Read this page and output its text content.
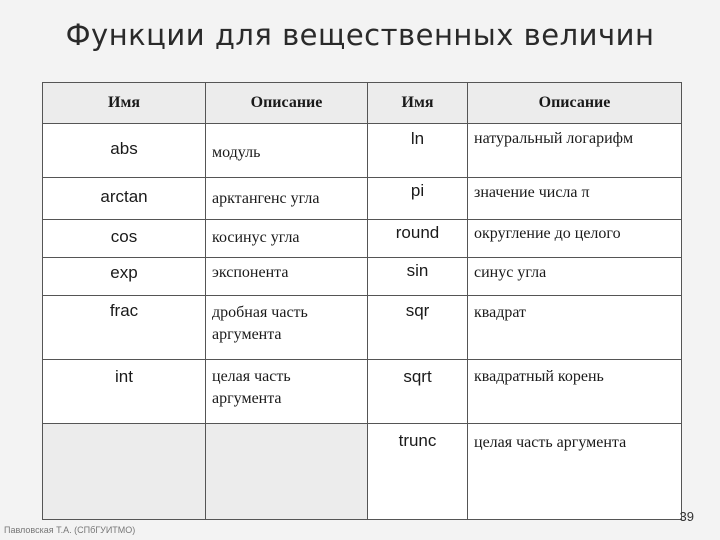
Функции для вещественных величин
Имя	Описание	Имя	Описание
abs	модуль	ln	натуральный логарифм
arctan	арктангенс угла	pi	значение числа π
cos	косинус угла	round	округление до целого
exp	экспонента	sin	синус угла
frac	дробная часть аргумента	sqr	квадрат
int	целая часть аргумента	sqrt	квадратный корень
		trunc	целая часть аргумента
Павловская Т.А. (СПбГУИТМО)
39
